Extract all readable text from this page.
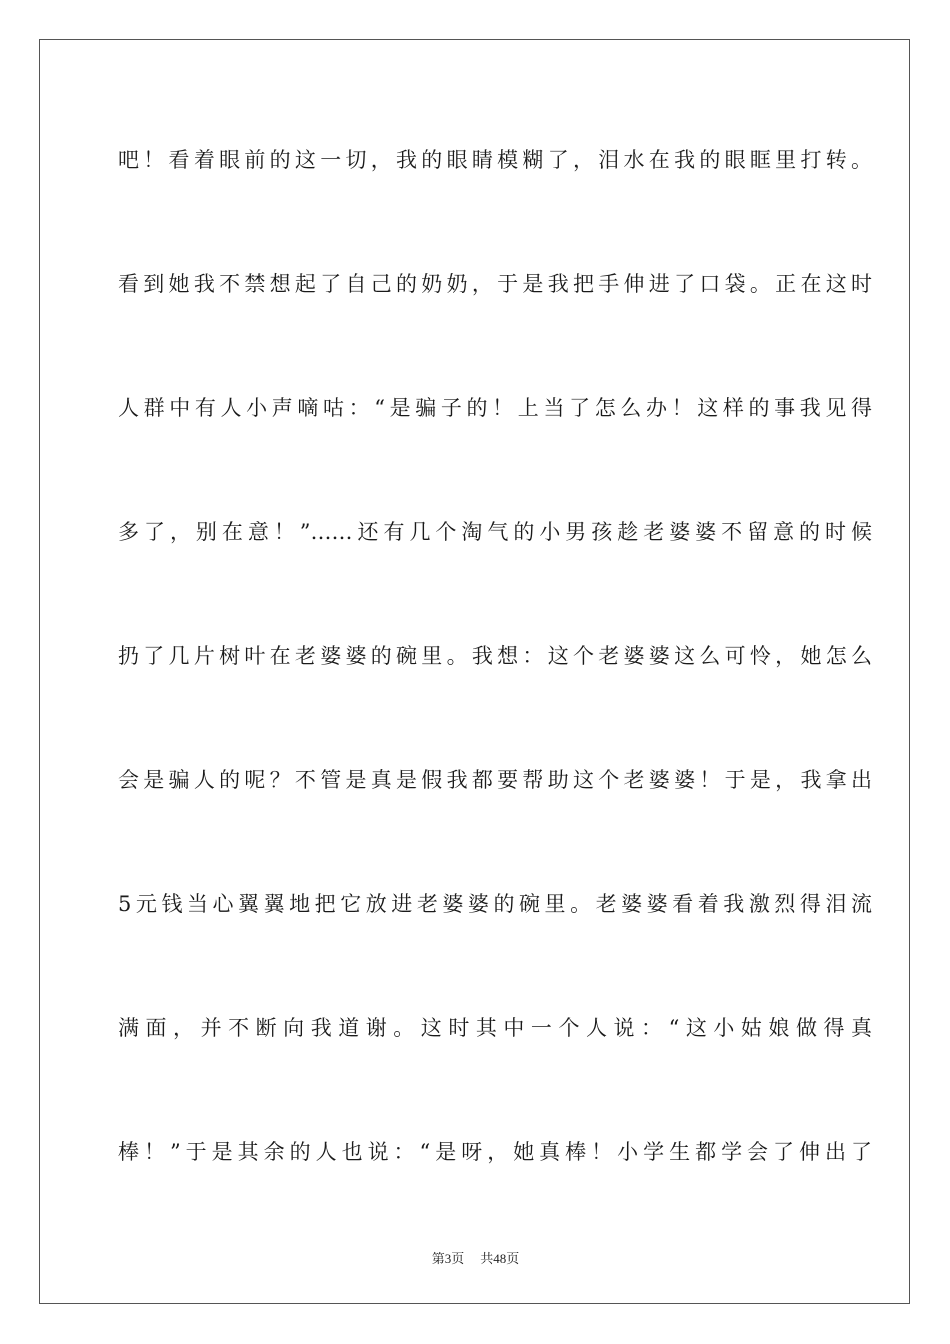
吧！看着眼前的这一切，我的眼睛模糊了，泪水在我的眼眶里打转。
看到她我不禁想起了自己的奶奶，于是我把手伸进了口袋。正在这时
人群中有人小声嘀咕：“是骗子的！上当了怎么办！这样的事我见得
多了，别在意！”……还有几个淘气的小男孩趁老婆婆不留意的时候
扔了几片树叶在老婆婆的碗里。我想：这个老婆婆这么可怜，她怎么
会是骗人的呢？不管是真是假我都要帮助这个老婆婆！于是，我拿出
5元钱当心翼翼地把它放进老婆婆的碗里。老婆婆看着我激烈得泪流
满面，并不断向我道谢。这时其中一个人说：“这小姑娘做得真
棒！”于是其余的人也说：“是呀，她真棒！小学生都学会了伸出了
第3页 共48页
